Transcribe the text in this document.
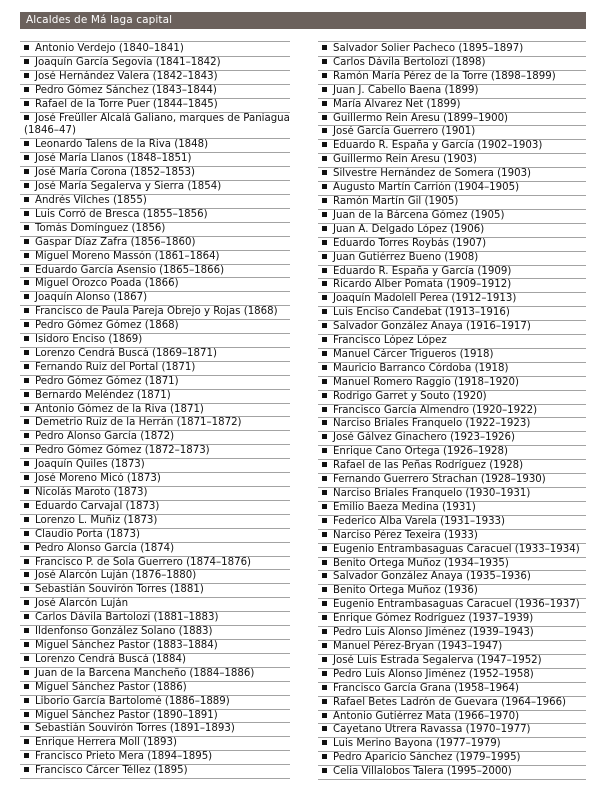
Alcaldes de Má laga capital
Antonio Verdejo (1840–1841)
Joaquín García Segovia (1841–1842)
José Hernández Valera (1842–1843)
Pedro Gómez Sánchez (1843–1844)
Rafael de la Torre Puer (1844–1845)
José Freüller Alcalá Galiano, marques de Paniagua (1846–47)
Leonardo Talens de la Riva (1848)
José María Llanos (1848–1851)
José María Corona (1852–1853)
José María Segalerva y Sierra (1854)
Andrés Vilches (1855)
Luis Corró de Bresca (1855–1856)
Tomás Domínguez (1856)
Gaspar Díaz Zafra (1856–1860)
Miguel Moreno Massón (1861–1864)
Eduardo García Asensio (1865–1866)
Miguel Orozco Poada (1866)
Joaquín Alonso (1867)
Francisco de Paula Pareja Obrejo y Rojas (1868)
Pedro Gómez Gómez (1868)
Isidoro Enciso (1869)
Lorenzo Cendrá Buscá (1869–1871)
Fernando Ruiz del Portal (1871)
Pedro Gómez Gómez (1871)
Bernardo Meléndez (1871)
Antonio Gómez de la Riva (1871)
Demetrio Ruiz de la Herrán (1871–1872)
Pedro Alonso García (1872)
Pedro Gómez Gómez (1872–1873)
Joaquín Quiles (1873)
José Moreno Micó (1873)
Nicolás Maroto (1873)
Eduardo Carvajal (1873)
Lorenzo L. Muñiz (1873)
Claudio Porta (1873)
Pedro Alonso García (1874)
Francisco P. de Sola Guerrero (1874–1876)
José Alarcón Luján (1876–1880)
Sebastián Souvirón Torres (1881)
José Alarcón Luján
Carlos Dávila Bartolozi (1881–1883)
Ildenfonso González Solano (1883)
Miguel Sánchez Pastor (1883–1884)
Lorenzo Cendrá Buscá (1884)
Juan de la Barcena Mancheño (1884–1886)
Miguel Sánchez Pastor (1886)
Liborio García Bartolomé (1886–1889)
Miguel Sánchez Pastor (1890–1891)
Sebastián Souvirón Torres (1891–1893)
Enrique Herrera Moll (1893)
Francisco Prieto Mera (1894–1895)
Francisco Cárcer Téllez (1895)
Salvador Solier Pacheco (1895–1897)
Carlos Dávila Bertolozi (1898)
Ramón María Pérez de la Torre (1898–1899)
Juan J. Cabello Baena (1899)
María Álvarez Net (1899)
Guillermo Rein Aresu (1899–1900)
José García Guerrero (1901)
Eduardo R. España y García (1902–1903)
Guillermo Rein Aresu (1903)
Silvestre Hernández de Somera (1903)
Augusto Martín Carrión (1904–1905)
Ramón Martín Gil (1905)
Juan de la Bárcena Gómez (1905)
Juan A. Delgado López (1906)
Eduardo Torres Roybás (1907)
Juan Gutiérrez Bueno (1908)
Eduardo R. España y García (1909)
Ricardo Alber Pomata (1909–1912)
Joaquín Madolell Perea (1912–1913)
Luis Enciso Candebat (1913–1916)
Salvador González Anaya (1916–1917)
Francisco López López
Manuel Cárcer Trigueros (1918)
Mauricio Barranco Córdoba (1918)
Manuel Romero Raggio (1918–1920)
Rodrigo Garret y Souto (1920)
Francisco García Almendro (1920–1922)
Narciso Briales Franquelo (1922–1923)
José Gálvez Ginachero (1923–1926)
Enrique Cano Ortega (1926–1928)
Rafael de las Peñas Rodríguez (1928)
Fernando Guerrero Strachan (1928–1930)
Narciso Briales Franquelo (1930–1931)
Emilio Baeza Medina (1931)
Federico Alba Varela (1931–1933)
Narciso Pérez Texeira (1933)
Eugenio Entrambasaguas Caracuel (1933–1934)
Benito Ortega Muñoz (1934–1935)
Salvador González Anaya (1935–1936)
Benito Ortega Muñoz (1936)
Eugenio Entrambasaguas Caracuel (1936–1937)
Enrique Gómez Rodríguez (1937–1939)
Pedro Luis Alonso Jiménez (1939–1943)
Manuel Pérez-Bryan (1943–1947)
José Luis Estrada Segalerva (1947–1952)
Pedro Luis Alonso Jiménez (1952–1958)
Francisco García Grana (1958–1964)
Rafael Betes Ladrón de Guevara (1964–1966)
Antonio Gutiérrez Mata (1966–1970)
Cayetano Utrera Ravassa (1970–1977)
Luis Merino Bayona (1977–1979)
Pedro Aparicio Sánchez (1979–1995)
Celia Villalobos Talera (1995–2000)
